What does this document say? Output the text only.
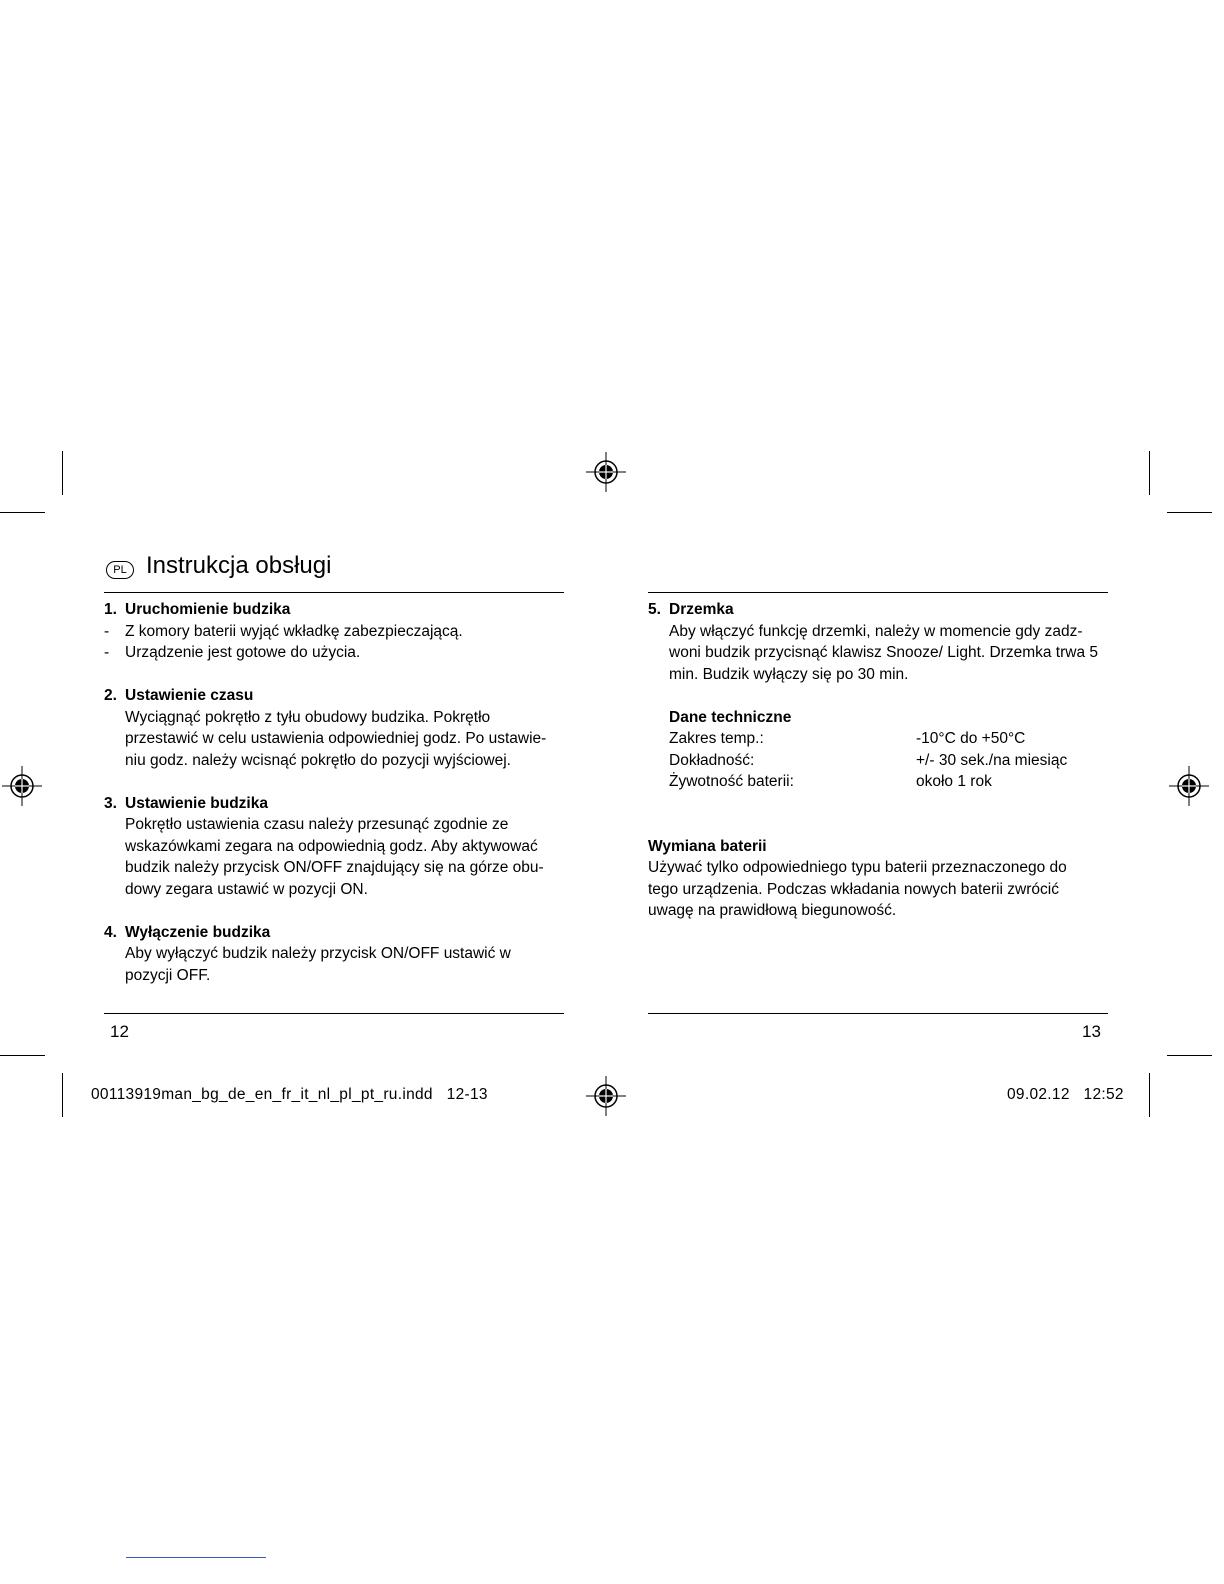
PL Instrukcja obsługi
1. Uruchomienie budzika
- Z komory baterii wyjąć wkładkę zabezpieczającą.
- Urządzenie jest gotowe do użycia.
2. Ustawienie czasu
Wyciągnąć pokrętło z tyłu obudowy budzika. Pokrętło
przestawić w celu ustawienia odpowiedniej godz. Po ustawie-
niu godz. należy wcisnąć pokrętło do pozycji wyjściowej.
3. Ustawienie budzika
Pokrętło ustawienia czasu należy przesunąć zgodnie ze
wskazówkami zegara na odpowiednią godz. Aby aktywować
budzik należy przycisk ON/OFF znajdujący się na górze obu-
dowy zegara ustawić w pozycji ON.
4. Wyłączenie budzika
Aby wyłączyć budzik należy przycisk ON/OFF ustawić w
pozycji OFF.
5. Drzemka
Aby włączyć funkcję drzemki, należy w momencie gdy zadz-
woni budzik przycisnąć klawisz Snooze/ Light. Drzemka trwa 5
min. Budzik wyłączy się po 30 min.
Dane techniczne
Zakres temp.:	-10°C do +50°C
Dokładność:	+/- 30 sek./na miesiąc
Żywotność baterii:	około 1 rok
Wymiana baterii
Używać tylko odpowiedniego typu baterii przeznaczonego do
tego urządzenia. Podczas wkładania nowych baterii zwrócić
uwagę na prawidłową biegunowość.
12	13
00113919man_bg_de_en_fr_it_nl_pl_pt_ru.indd   12-13	09.02.12   12:52
